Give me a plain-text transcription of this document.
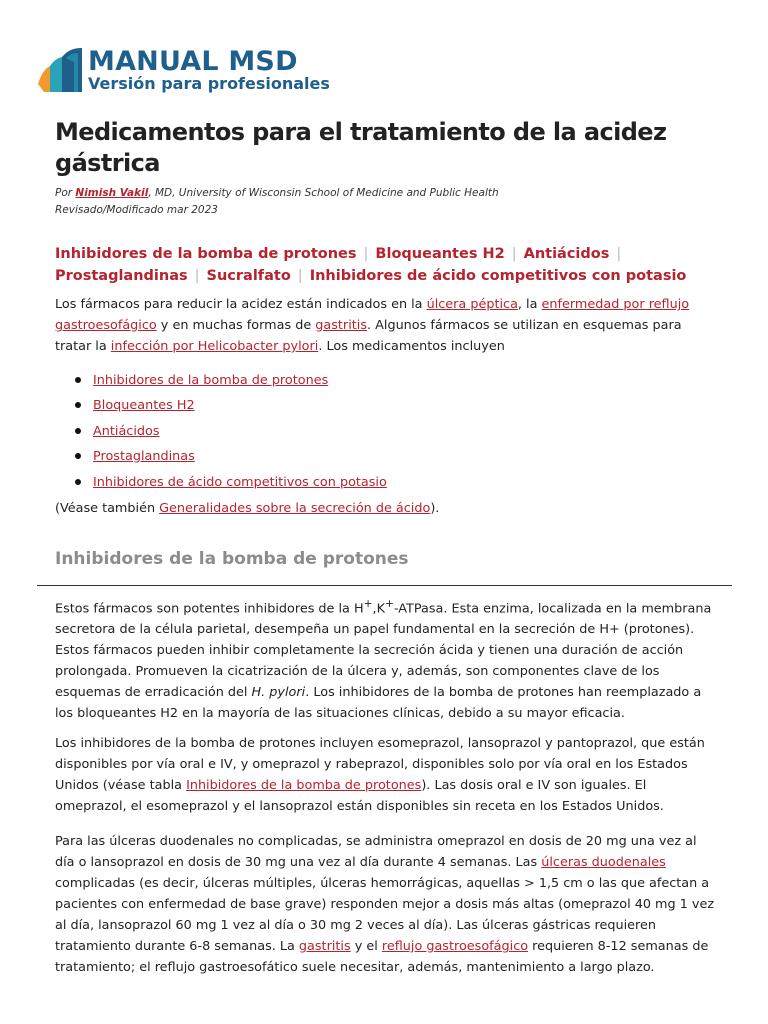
MANUAL MSD
Versión para profesionales
Medicamentos para el tratamiento de la acidez gástrica
Por Nimish Vakil, MD, University of Wisconsin School of Medicine and Public Health
Revisado/Modificado mar 2023
Inhibidores de la bomba de protones | Bloqueantes H2 | Antiácidos |
Prostaglandinas | Sucralfato | Inhibidores de ácido competitivos con potasio

Los fármacos para reducir la acidez están indicados en la úlcera péptica, la enfermedad por reflujo gastroesofágico y en muchas formas de gastritis. Algunos fármacos se utilizan en esquemas para tratar la infección por Helicobacter pylori. Los medicamentos incluyen

Inhibidores de la bomba de protones
Bloqueantes H2
Antiácidos
Prostaglandinas
Inhibidores de ácido competitivos con potasio
(Véase también Generalidades sobre la secreción de ácido).
Inhibidores de la bomba de protones

Estos fármacos son potentes inhibidores de la H+,K+-ATPasa. Esta enzima, localizada en la membrana secretora de la célula parietal, desempeña un papel fundamental en la secreción de H+ (protones). Estos fármacos pueden inhibir completamente la secreción ácida y tienen una duración de acción prolongada. Promueven la cicatrización de la úlcera y, además, son componentes clave de los esquemas de erradicación del H. pylori. Los inhibidores de la bomba de protones han reemplazado a los bloqueantes H2 en la mayoría de las situaciones clínicas, debido a su mayor eficacia.

Los inhibidores de la bomba de protones incluyen esomeprazol, lansoprazol y pantoprazol, que están disponibles por vía oral e IV, y omeprazol y rabeprazol, disponibles solo por vía oral en los Estados Unidos (véase tabla Inhibidores de la bomba de protones). Las dosis oral e IV son iguales. El omeprazol, el esomeprazol y el lansoprazol están disponibles sin receta en los Estados Unidos.

Para las úlceras duodenales no complicadas, se administra omeprazol en dosis de 20 mg una vez al día o lansoprazol en dosis de 30 mg una vez al día durante 4 semanas. Las úlceras duodenales complicadas (es decir, úlceras múltiples, úlceras hemorrágicas, aquellas > 1,5 cm o las que afectan a pacientes con enfermedad de base grave) responden mejor a dosis más altas (omeprazol 40 mg 1 vez al día, lansoprazol 60 mg 1 vez al día o 30 mg 2 veces al día). Las úlceras gástricas requieren tratamiento durante 6-8 semanas. La gastritis y el reflujo gastroesofágico requieren 8-12 semanas de tratamiento; el reflujo gastroesofático suele necesitar, además, mantenimiento a largo plazo.
